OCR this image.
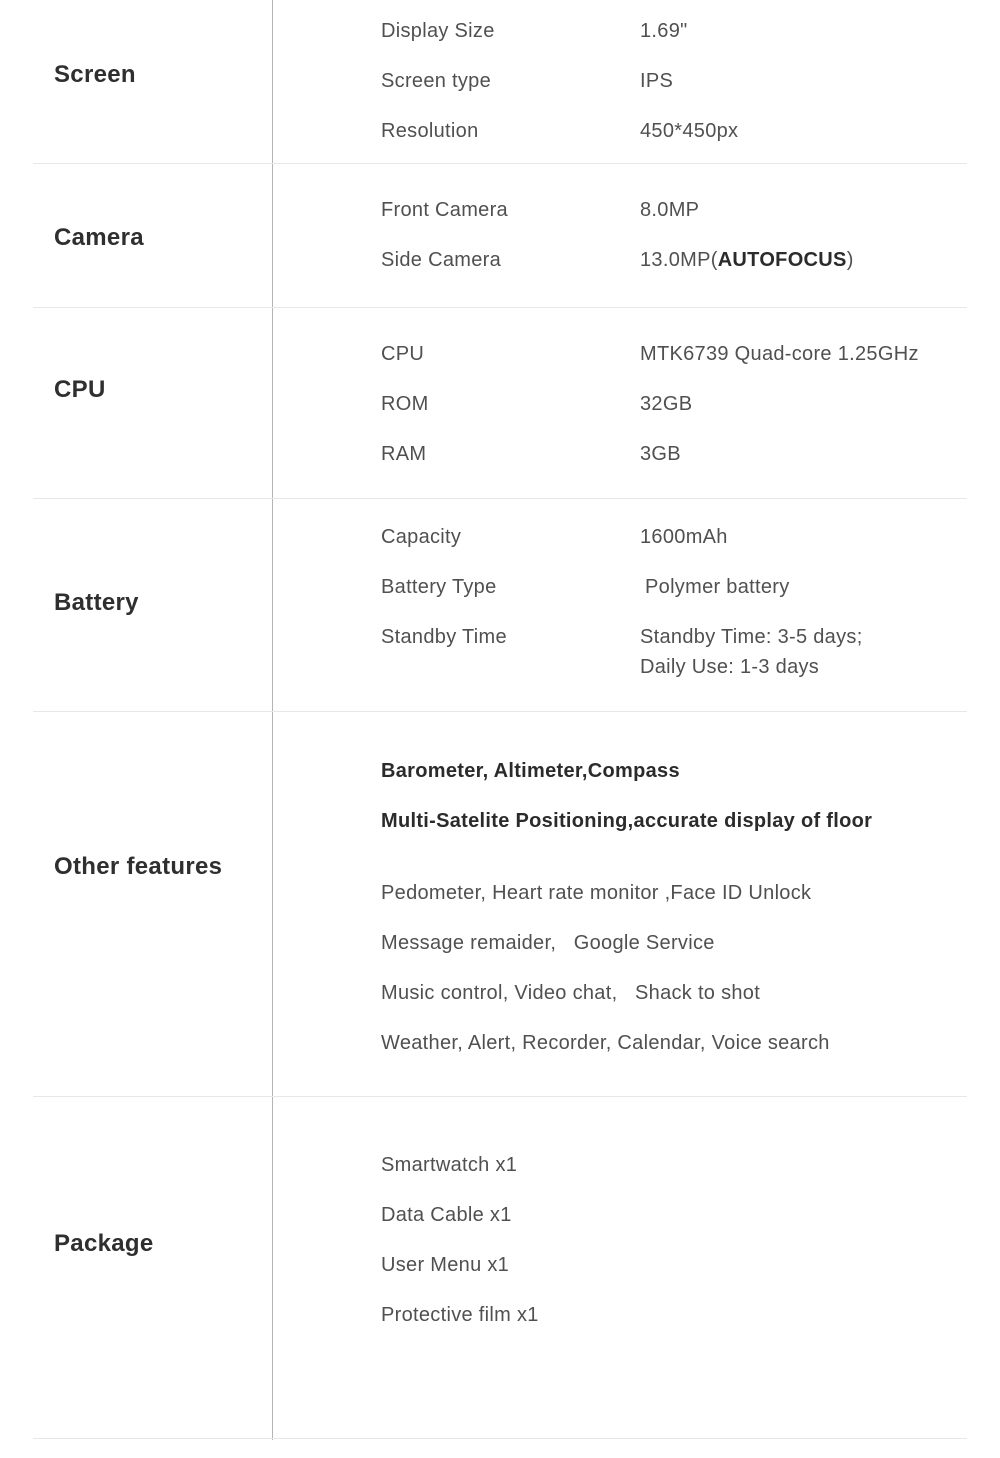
Screen
Display Size	1.69"
Screen type	IPS
Resolution	450*450px
Camera
Front Camera	8.0MP
Side Camera	13.0MP(AUTOFOCUS)
CPU
CPU	MTK6739 Quad-core 1.25GHz
ROM	32GB
RAM	3GB
Battery
Capacity	1600mAh
Battery Type	Polymer battery
Standby Time	Standby Time: 3-5 days;
Daily Use: 1-3 days
Other features
Barometer, Altimeter,Compass
Multi-Satelite Positioning,accurate display of floor
Pedometer, Heart rate monitor ,Face ID Unlock
Message remaider,   Google Service
Music control, Video chat,   Shack to shot
Weather, Alert, Recorder, Calendar, Voice search
Package
Smartwatch x1
Data Cable x1
User Menu x1
Protective film x1
